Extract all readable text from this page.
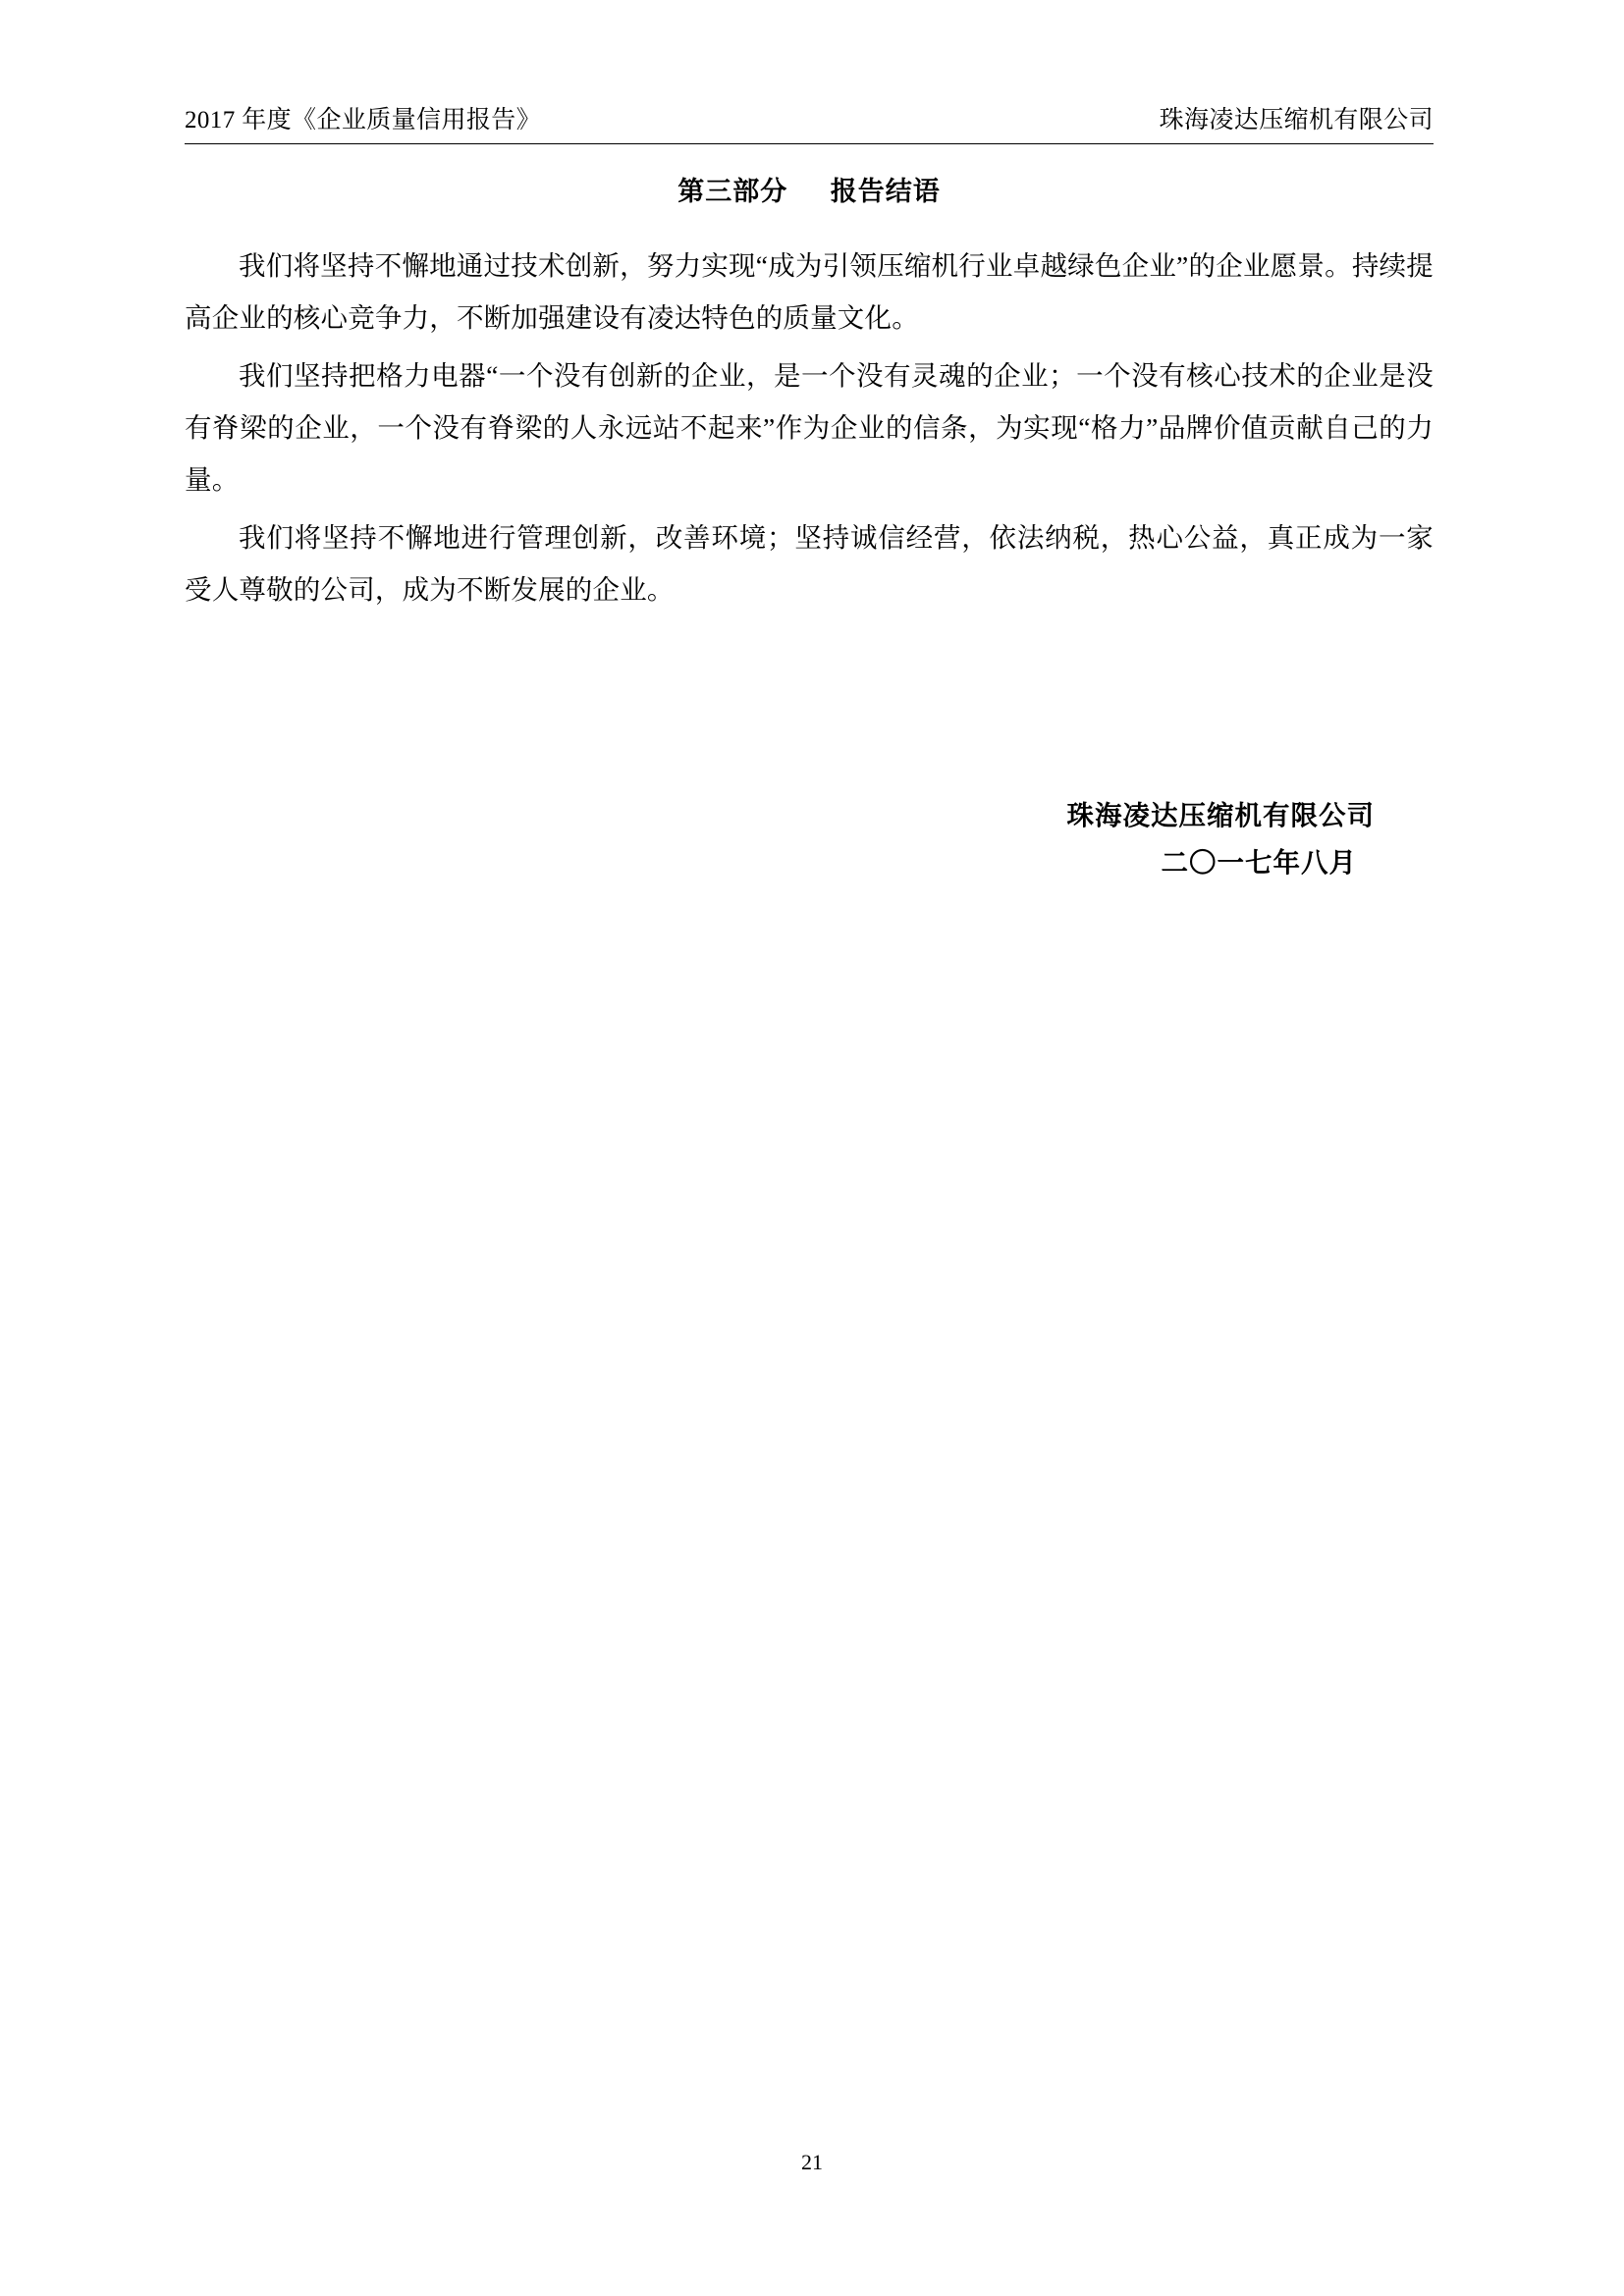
2017 年度《企业质量信用报告》	珠海凌达压缩机有限公司
第三部分 报告结语

我们将坚持不懈地通过技术创新，努力实现“成为引领压缩机行业卓越绿色企业”的企业愿景。持续提高企业的核心竞争力，不断加强建设有凌达特色的质量文化。

我们坚持把格力电器“一个没有创新的企业，是一个没有灵魂的企业；一个没有核心技术的企业是没有脊梁的企业，一个没有脊梁的人永远站不起来”作为企业的信条，为实现“格力”品牌价值贡献自己的力量。

我们将坚持不懈地进行管理创新，改善环境；坚持诚信经营，依法纳税，热心公益，真正成为一家受人尊敬的公司，成为不断发展的企业。

珠海凌达压缩机有限公司
二〇一七年八月
21
